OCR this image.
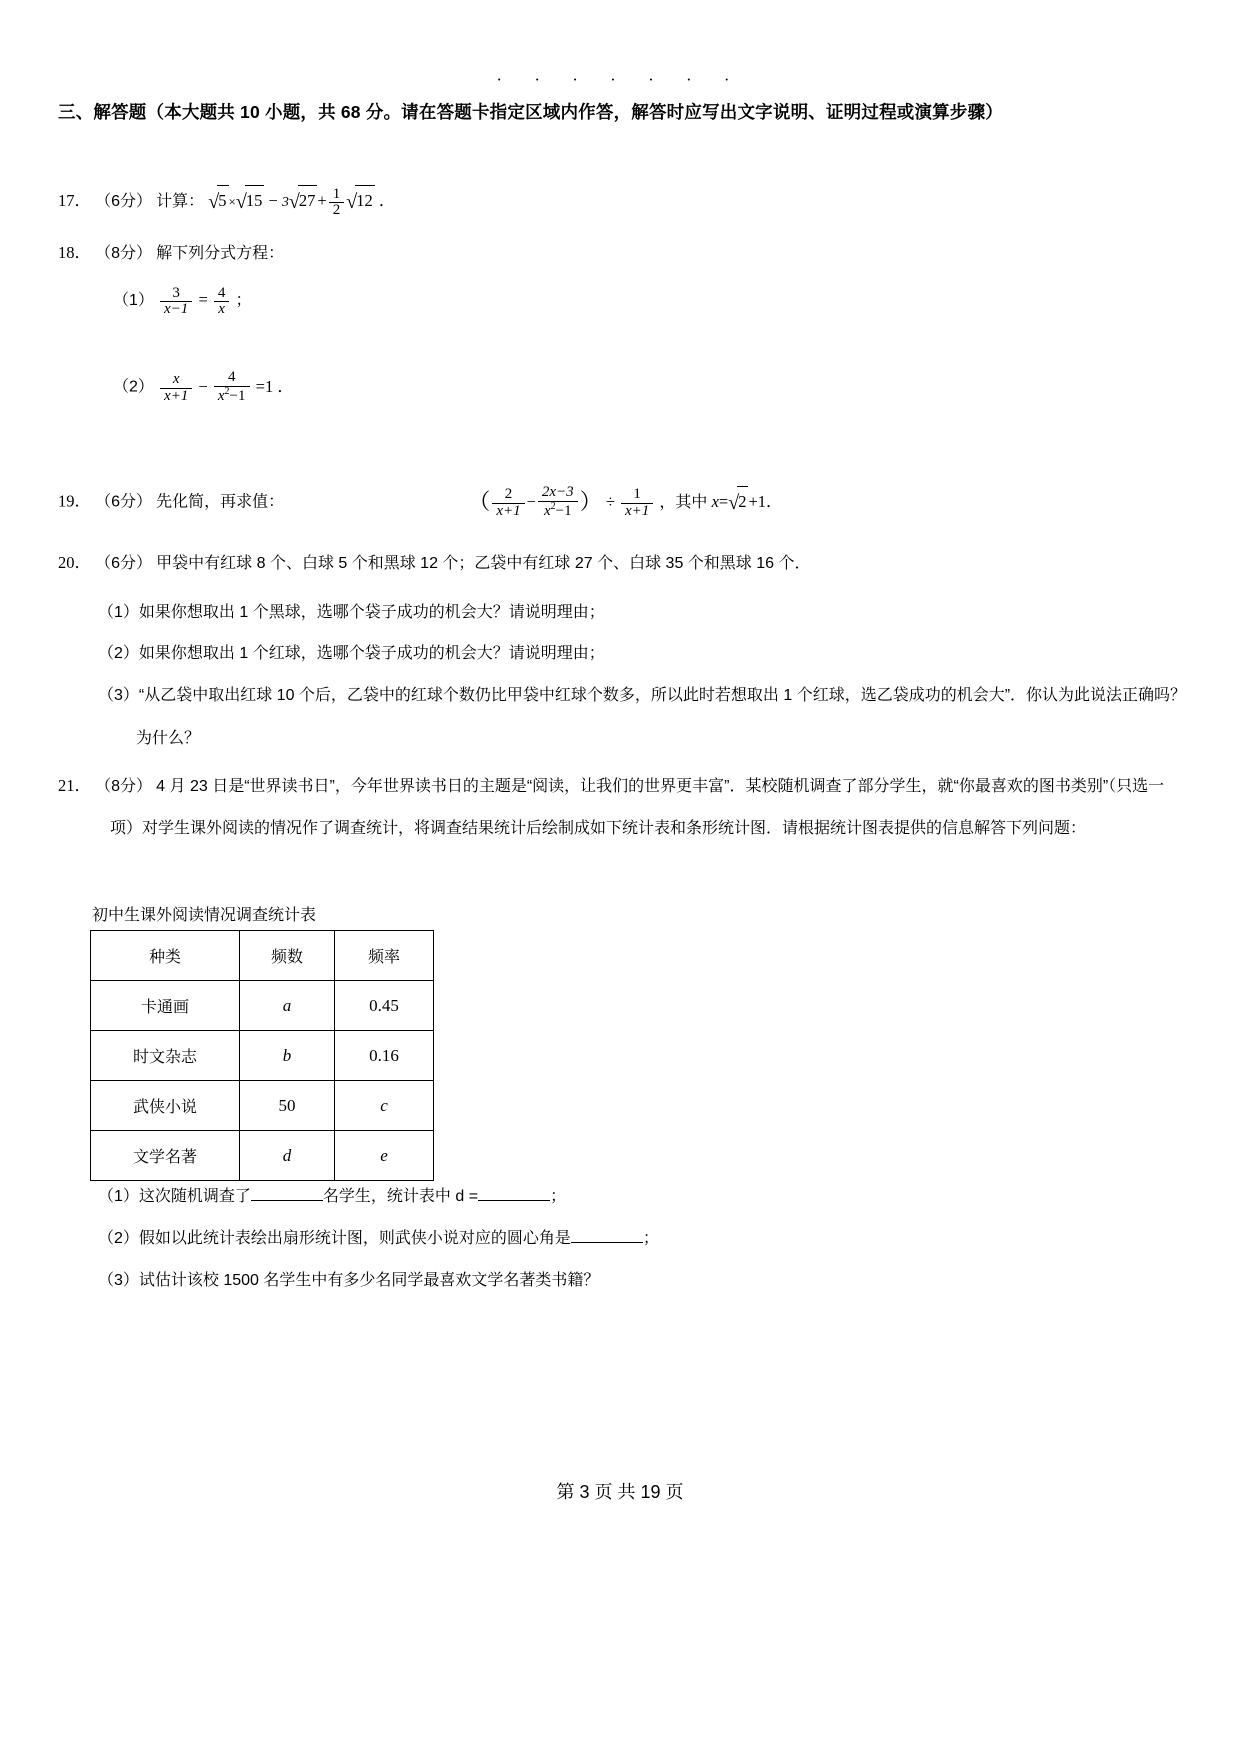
· · · · · · ·
三、解答题（本大题共 10 小题，共 68 分。请在答题卡指定区域内作答，解答时应写出文字说明、证明过程或演算步骤）
17． （6分） 计算： $√5 \times√15 - 3√27 + \frac{1}{2} √12$ ．
18． （8分） 解下列分式方程：
$(1) \frac{3}{x-1} = \frac{4}{x}$ ；
$(2) \frac{x}{x+1} - \frac{4}{x^2-1} =1$ ．
19． （6分） 先化简，再求值：	（ $\frac{2}{x+1} - \frac{2x-3}{x^2-1}$ ） ÷ $\frac{1}{x+1}$ ，其中 x=√2 +1．
20． （6分） 甲袋中有红球 8 个、白球 5 个和黑球 12 个；乙袋中有红球 27 个、白球 35 个和黑球 16 个．
（1）如果你想取出 1 个黑球，选哪个袋子成功的机会大？请说明理由；
（2）如果你想取出 1 个红球，选哪个袋子成功的机会大？请说明理由；
（3）“从乙袋中取出红球 10 个后，乙袋中的红球个数仍比甲袋中红球个数多，所以此时若想取出 1 个红球，选乙袋成功的机会大”．你认为此说法正确吗？为什么？
21． （8分） 4 月 23 日是“世界读书日”，今年世界读书日的主题是“阅读，让我们的世界更丰富”．某校随机调查了部分学生，就“你最喜欢的图书类别”（只选一项）对学生课外阅读的情况作了调查统计，将调查结果统计后绘制成如下统计表和条形统计图．请根据统计图表提供的信息解答下列问题：
初中生课外阅读情况调查统计表
种类	频数	频率
卡通画	a	0.45
时文杂志	b	0.16
武侠小说	50	c
文学名著	d	e
（1）这次随机调查了	名学生，统计表中 d =	；
（2）假如以此统计表绘出扇形统计图，则武侠小说对应的圆心角是	；
（3）试估计该校 1500 名学生中有多少名同学最喜欢文学名著类书籍？
第 3 页 共 19 页
